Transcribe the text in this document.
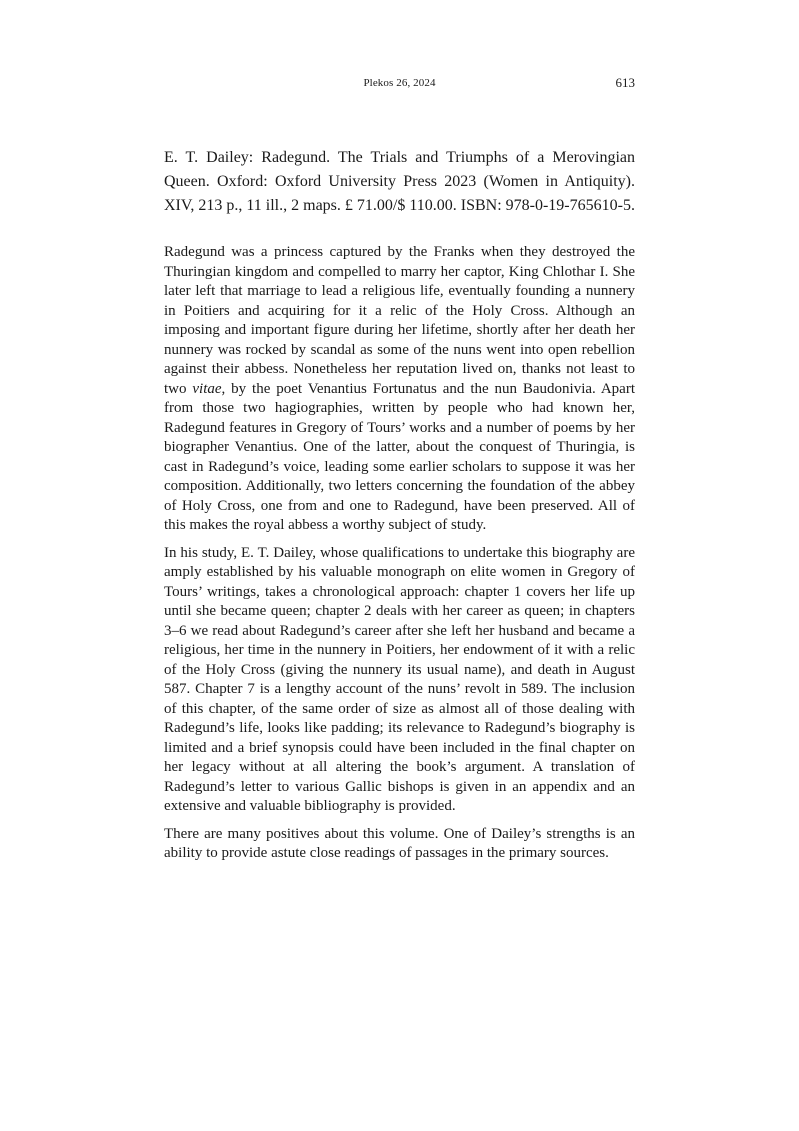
Plekos 26, 2024	613

E. T. Dailey: Radegund. The Trials and Triumphs of a Merovingian Queen. Oxford: Oxford University Press 2023 (Women in Antiquity). XIV, 213 p., 11 ill., 2 maps. £ 71.00/$ 110.00. ISBN: 978-0-19-765610-5.

Radegund was a princess captured by the Franks when they destroyed the Thuringian kingdom and compelled to marry her captor, King Chlothar I. She later left that marriage to lead a religious life, eventually founding a nunnery in Poitiers and acquiring for it a relic of the Holy Cross. Although an imposing and important figure during her lifetime, shortly after her death her nunnery was rocked by scandal as some of the nuns went into open rebellion against their abbess. Nonetheless her reputation lived on, thanks not least to two vitae, by the poet Venantius Fortunatus and the nun Baudonivia. Apart from those two hagiographies, written by people who had known her, Radegund features in Gregory of Tours’ works and a number of poems by her biographer Venantius. One of the latter, about the conquest of Thuringia, is cast in Radegund’s voice, leading some earlier scholars to suppose it was her composition. Additionally, two letters concerning the foundation of the abbey of Holy Cross, one from and one to Radegund, have been preserved. All of this makes the royal abbess a worthy subject of study.

In his study, E. T. Dailey, whose qualifications to undertake this biography are amply established by his valuable monograph on elite women in Gregory of Tours’ writings, takes a chronological approach: chapter 1 covers her life up until she became queen; chapter 2 deals with her career as queen; in chapters 3–6 we read about Radegund’s career after she left her husband and became a religious, her time in the nunnery in Poitiers, her endowment of it with a relic of the Holy Cross (giving the nunnery its usual name), and death in August 587. Chapter 7 is a lengthy account of the nuns’ revolt in 589. The inclusion of this chapter, of the same order of size as almost all of those dealing with Radegund’s life, looks like padding; its relevance to Radegund’s biography is limited and a brief synopsis could have been included in the final chapter on her legacy without at all altering the book’s argument. A translation of Radegund’s letter to various Gallic bishops is given in an appendix and an extensive and valuable bibliography is provided.

There are many positives about this volume. One of Dailey’s strengths is an ability to provide astute close readings of passages in the primary sources.
